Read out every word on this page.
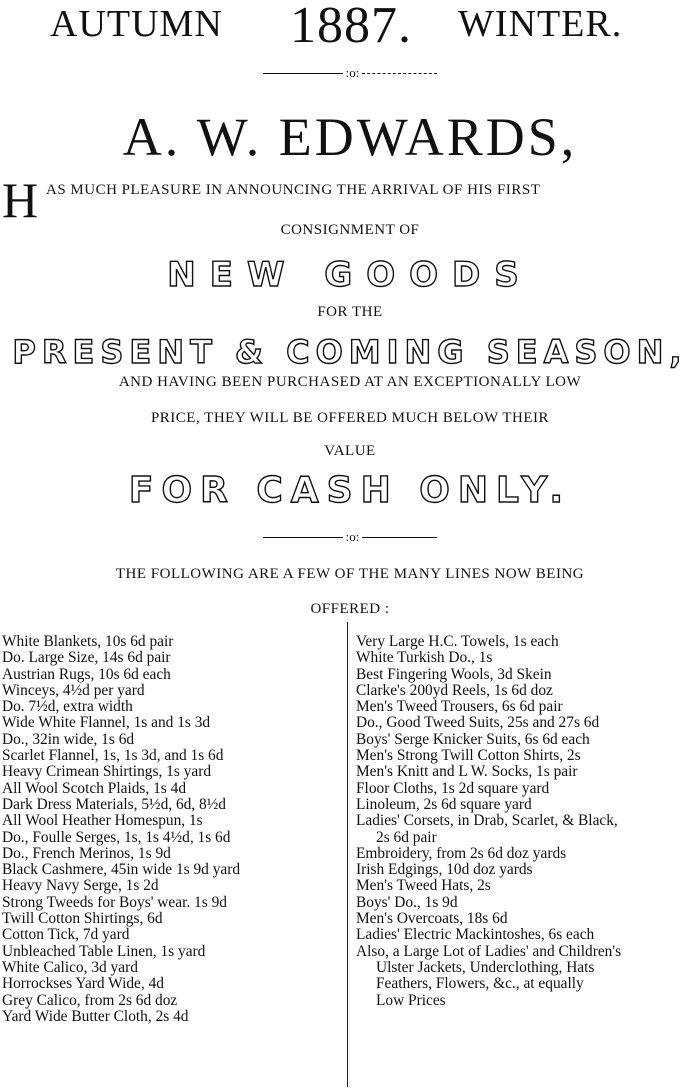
AUTUMN 1887. WINTER.
:o:
A. W. EDWARDS,
H AS MUCH PLEASURE IN ANNOUNCING THE ARRIVAL OF HIS FIRST
CONSIGNMENT OF
NEW GOODS
FOR THE
PRESENT & COMING SEASON,
AND HAVING BEEN PURCHASED AT AN EXCEPTIONALLY LOW
PRICE, THEY WILL BE OFFERED MUCH BELOW THEIR
VALUE
FOR CASH ONLY.
:o:
THE FOLLOWING ARE A FEW OF THE MANY LINES NOW BEING
OFFERED :
White Blankets, 10s 6d pair
Do. Large Size, 14s 6d pair
Austrian Rugs, 10s 6d each
Winceys, 4½d per yard
Do. 7½d, extra width
Wide White Flannel, 1s and 1s 3d
Do., 32in wide, 1s 6d
Scarlet Flannel, 1s, 1s 3d, and 1s 6d
Heavy Crimean Shirtings, 1s yard
All Wool Scotch Plaids, 1s 4d
Dark Dress Materials, 5½d, 6d, 8½d
All Wool Heather Homespun, 1s
Do., Foulle Serges, 1s, 1s 4½d, 1s 6d
Do., French Merinos, 1s 9d
Black Cashmere, 45in wide 1s 9d yard
Heavy Navy Serge, 1s 2d
Strong Tweeds for Boys' wear. 1s 9d
Twill Cotton Shirtings, 6d
Cotton Tick, 7d yard
Unbleached Table Linen, 1s yard
White Calico, 3d yard
Horrockses Yard Wide, 4d
Grey Calico, from 2s 6d doz
Yard Wide Butter Cloth, 2s 4d
Very Large H.C. Towels, 1s each
White Turkish Do., 1s
Best Fingering Wools, 3d Skein
Clarke's 200yd Reels, 1s 6d doz
Men's Tweed Trousers, 6s 6d pair
Do., Good Tweed Suits, 25s and 27s 6d
Boys' Serge Knicker Suits, 6s 6d each
Men's Strong Twill Cotton Shirts, 2s
Men's Knitt and L W. Socks, 1s pair
Floor Cloths, 1s 2d square yard
Linoleum, 2s 6d square yard
Ladies' Corsets, in Drab, Scarlet, & Black,
2s 6d pair
Embroidery, from 2s 6d doz yards
Irish Edgings, 10d doz yards
Men's Tweed Hats, 2s
Boys' Do., 1s 9d
Men's Overcoats, 18s 6d
Ladies' Electric Mackintoshes, 6s each
Also, a Large Lot of Ladies' and Children's
Ulster Jackets, Underclothing, Hats
Feathers, Flowers, &c., at equally
Low Prices
